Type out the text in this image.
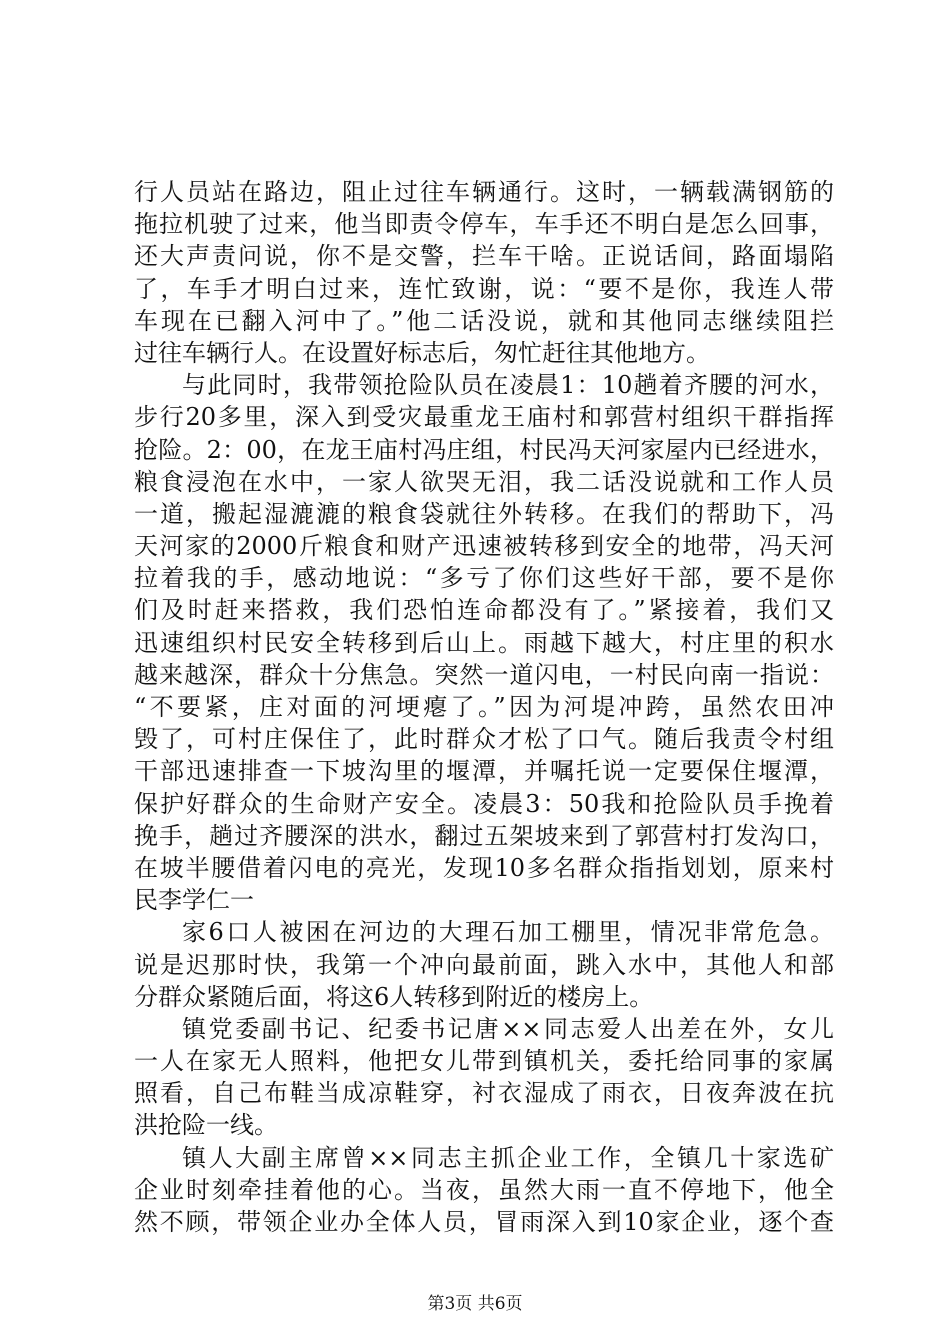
行人员站在路边，阻止过往车辆通行。这时，一辆载满钢筋的
拖拉机驶了过来，他当即责令停车，车手还不明白是怎么回事，
还大声责问说，你不是交警，拦车干啥。正说话间，路面塌陷
了，车手才明白过来，连忙致谢，说：“要不是你，我连人带
车现在已翻入河中了。”他二话没说，就和其他同志继续阻拦
过往车辆行人。在设置好标志后，匆忙赶往其他地方。
与此同时，我带领抢险队员在凌晨1：10趟着齐腰的河水，
步行20多里，深入到受灾最重龙王庙村和郭营村组织干群指挥
抢险。2：00，在龙王庙村冯庄组，村民冯天河家屋内已经进水，
粮食浸泡在水中，一家人欲哭无泪，我二话没说就和工作人员
一道，搬起湿漉漉的粮食袋就往外转移。在我们的帮助下，冯
天河家的2000斤粮食和财产迅速被转移到安全的地带，冯天河
拉着我的手，感动地说：“多亏了你们这些好干部，要不是你
们及时赶来搭救，我们恐怕连命都没有了。”紧接着，我们又
迅速组织村民安全转移到后山上。雨越下越大，村庄里的积水
越来越深，群众十分焦急。突然一道闪电，一村民向南一指说：
“不要紧，庄对面的河埂瘪了。”因为河堤冲跨，虽然农田冲
毁了，可村庄保住了，此时群众才松了口气。随后我责令村组
干部迅速排查一下坡沟里的堰潭，并嘱托说一定要保住堰潭，
保护好群众的生命财产安全。凌晨3：50我和抢险队员手挽着
挽手，趟过齐腰深的洪水，翻过五架坡来到了郭营村打发沟口，
在坡半腰借着闪电的亮光，发现10多名群众指指划划，原来村
民李学仁一
家6口人被困在河边的大理石加工棚里，情况非常危急。
说是迟那时快，我第一个冲向最前面，跳入水中，其他人和部
分群众紧随后面，将这6人转移到附近的楼房上。
镇党委副书记、纪委书记唐××同志爱人出差在外，女儿
一人在家无人照料，他把女儿带到镇机关，委托给同事的家属
照看，自己布鞋当成凉鞋穿，衬衣湿成了雨衣，日夜奔波在抗
洪抢险一线。
镇人大副主席曾××同志主抓企业工作，全镇几十家选矿
企业时刻牵挂着他的心。当夜，虽然大雨一直不停地下，他全
然不顾，带领企业办全体人员，冒雨深入到10家企业，逐个查
第3页 共6页
